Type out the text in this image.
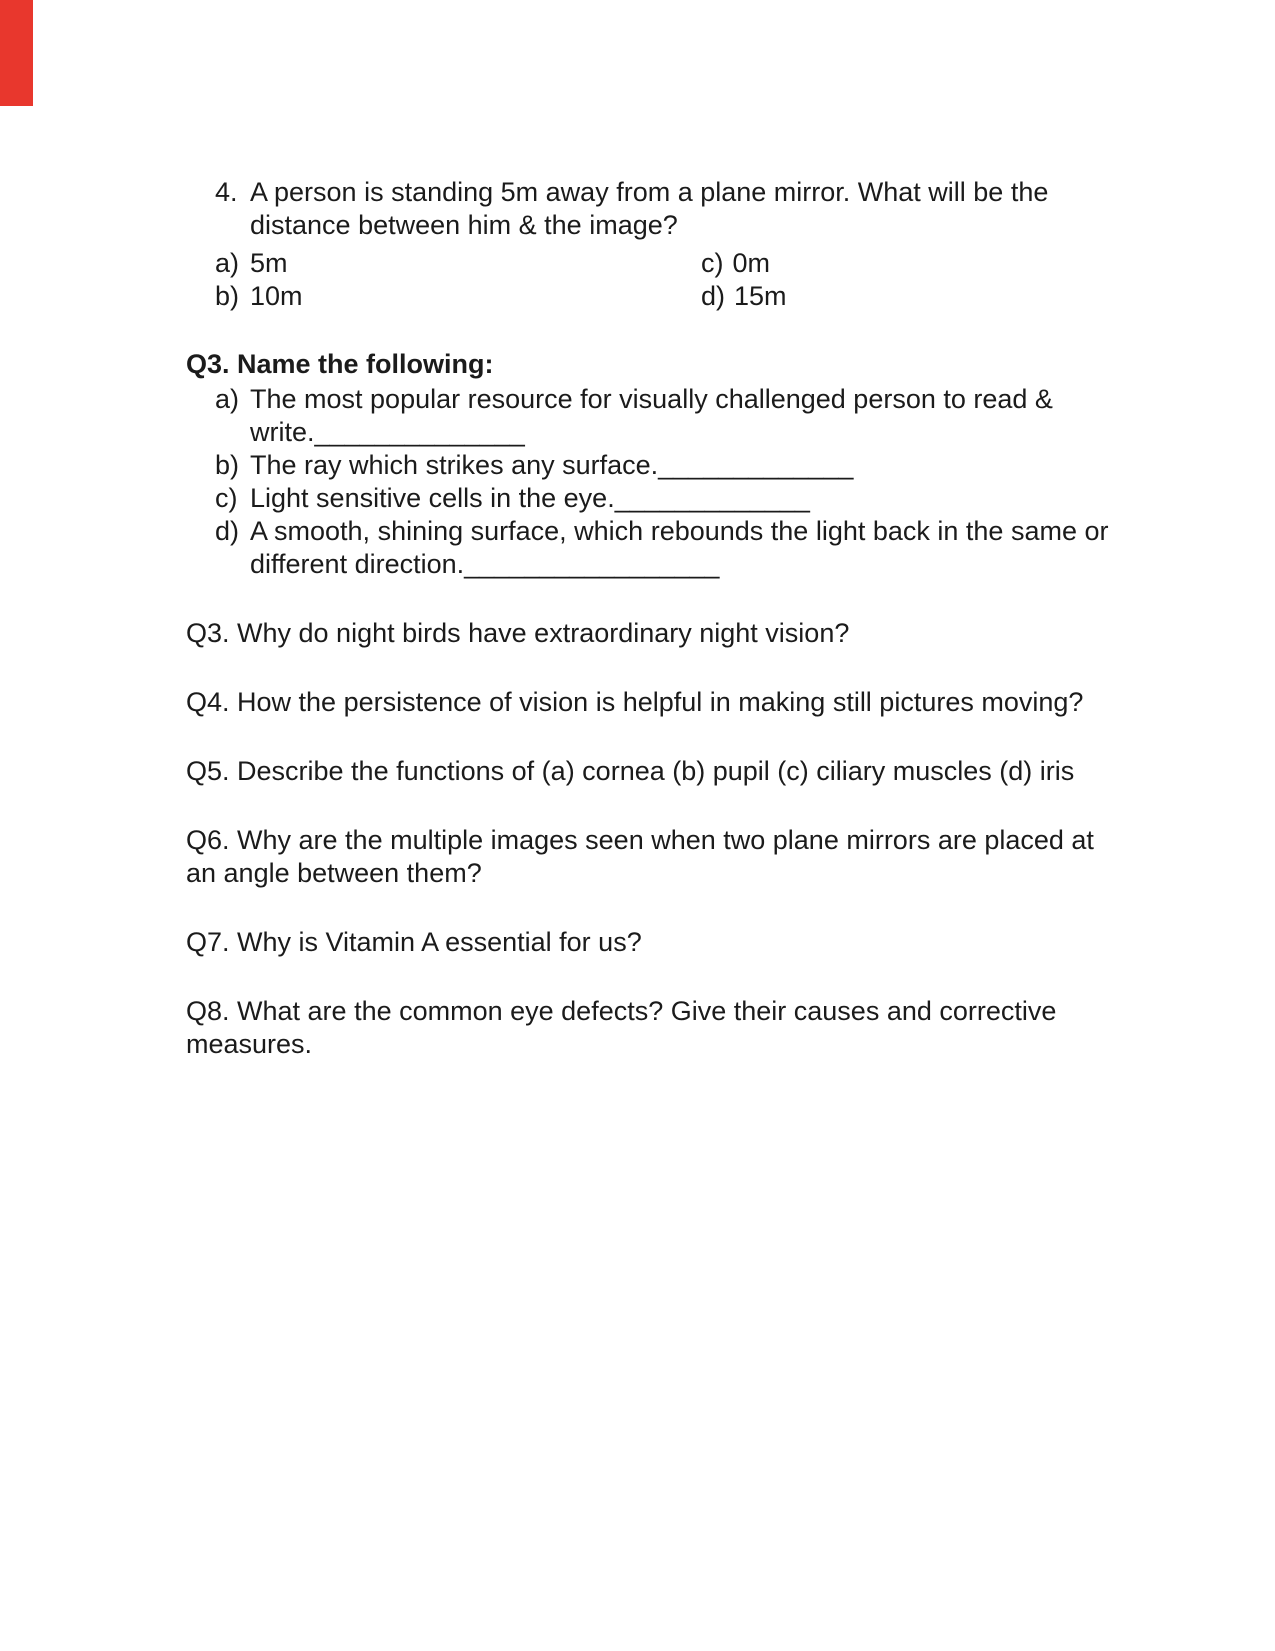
4. A person is standing 5m away from a plane mirror. What will be the
distance between him & the image?
a) 5m	c) 0m
b) 10m	d) 15m
Q3. Name the following:
a) The most popular resource for visually challenged person to read &
write.______________
b) The ray which strikes any surface._____________
c) Light sensitive cells in the eye._____________
d) A smooth, shining surface, which rebounds the light back in the same or
different direction._________________
Q3. Why do night birds have extraordinary night vision?
Q4. How the persistence of vision is helpful in making still pictures moving?
Q5. Describe the functions of (a) cornea (b) pupil (c) ciliary muscles (d) iris
Q6. Why are the multiple images seen when two plane mirrors are placed at
an angle between them?
Q7. Why is Vitamin A essential for us?
Q8. What are the common eye defects? Give their causes and corrective
measures.
